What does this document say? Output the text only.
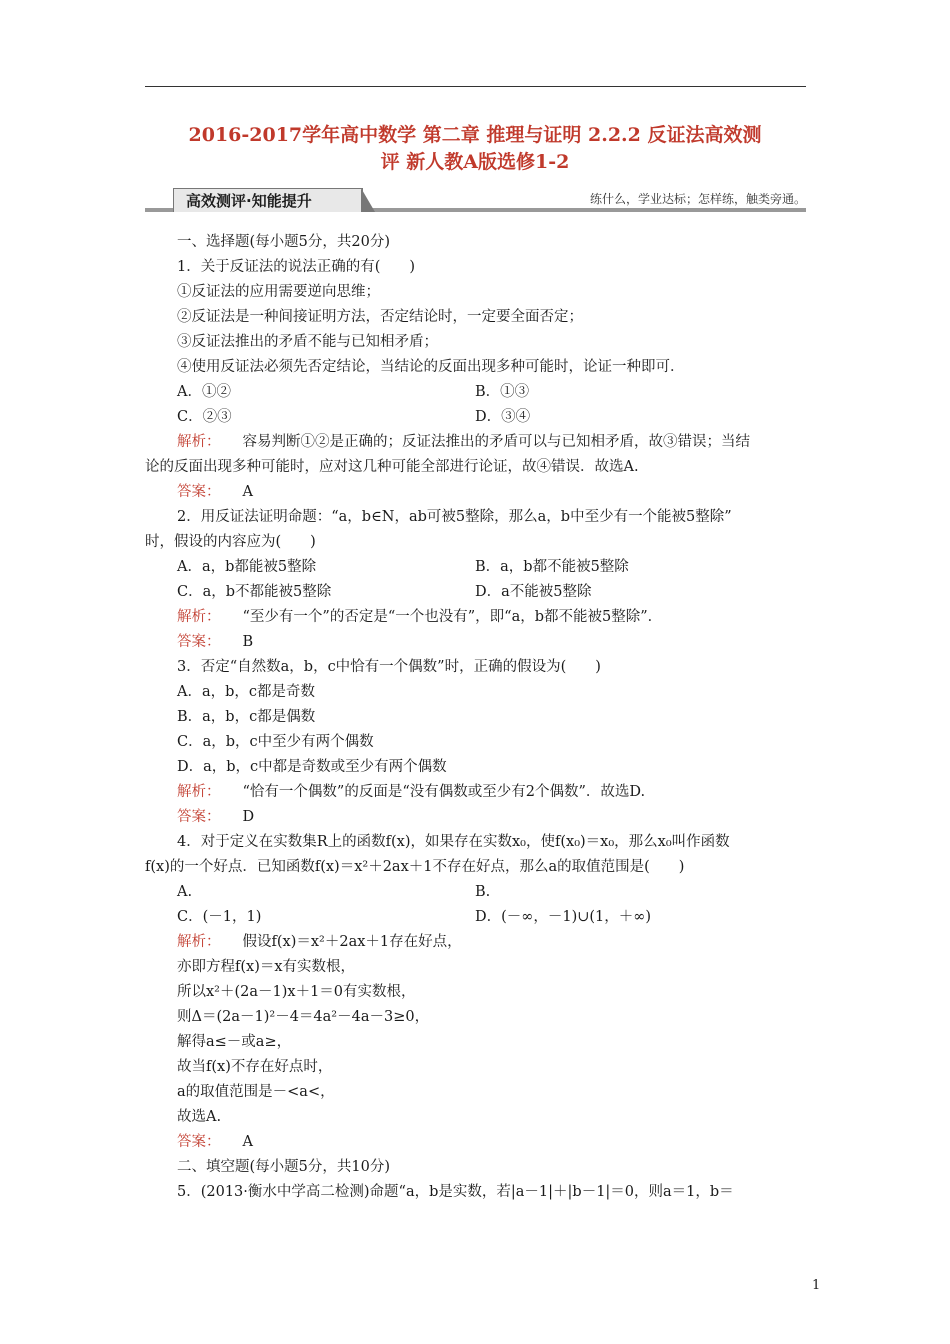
2016-2017学年高中数学 第二章 推理与证明 2.2.2 反证法高效测
评 新人教A版选修1-2
高效测评·知能提升	练什么，学业达标；怎样练，触类旁通。
一、选择题(每小题5分，共20分)
1．关于反证法的说法正确的有(　　)
①反证法的应用需要逆向思维；
②反证法是一种间接证明方法，否定结论时，一定要全面否定；
③反证法推出的矛盾不能与已知相矛盾；
④使用反证法必须先否定结论，当结论的反面出现多种可能时，论证一种即可．
A．①②	B．①③
C．②③	D．③④
解析： 容易判断①②是正确的；反证法推出的矛盾可以与已知相矛盾，故③错误；当结
论的反面出现多种可能时，应对这几种可能全部进行论证，故④错误．故选A.
答案： A
2．用反证法证明命题：“a，b∈N，ab可被5整除，那么a，b中至少有一个能被5整除”
时，假设的内容应为(　　)
A．a，b都能被5整除	B．a，b都不能被5整除
C．a，b不都能被5整除	D．a不能被5整除
解析： “至少有一个”的否定是“一个也没有”，即“a，b都不能被5整除”．
答案： B
3．否定“自然数a，b，c中恰有一个偶数”时，正确的假设为(　　)
A．a，b，c都是奇数
B．a，b，c都是偶数
C．a，b，c中至少有两个偶数
D．a，b，c中都是奇数或至少有两个偶数
解析： “恰有一个偶数”的反面是“没有偶数或至少有2个偶数”．故选D.
答案： D
4．对于定义在实数集R上的函数f(x)，如果存在实数x₀，使f(x₀)＝x₀，那么x₀叫作函数
f(x)的一个好点．已知函数f(x)＝x²＋2ax＋1不存在好点，那么a的取值范围是(　　)
A.	B.
C．(－1，1)	D．(－∞，－1)∪(1，＋∞)
解析： 假设f(x)＝x²＋2ax＋1存在好点，
亦即方程f(x)＝x有实数根，
所以x²＋(2a－1)x＋1＝0有实数根，
则Δ＝(2a－1)²－4＝4a²－4a－3≥0，
解得a≤－或a≥，
故当f(x)不存在好点时，
a的取值范围是－<a<，
故选A.
答案： A
二、填空题(每小题5分，共10分)
5．(2013·衡水中学高二检测)命题“a，b是实数，若|a－1|＋|b－1|＝0，则a＝1，b＝
1
